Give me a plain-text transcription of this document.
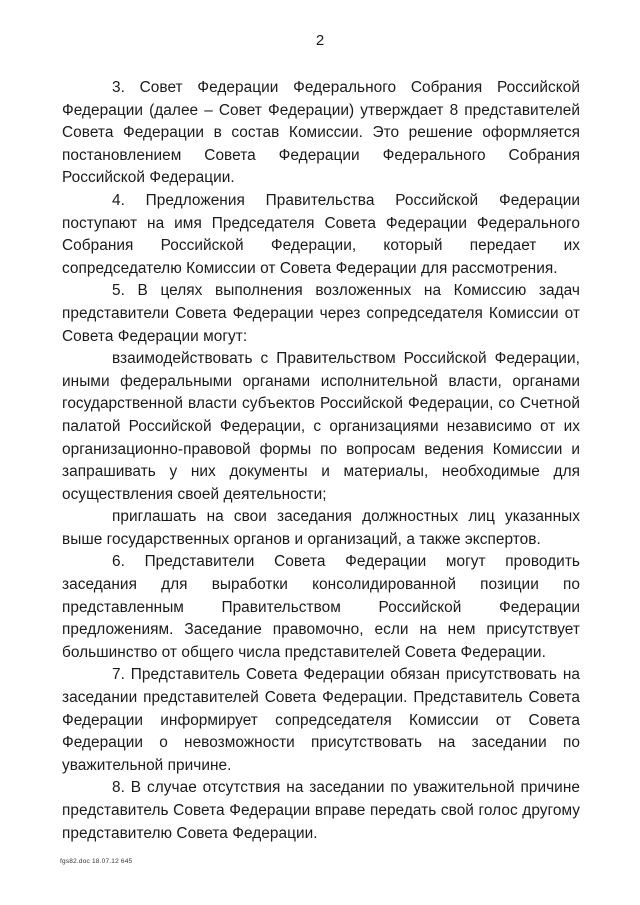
2

3. Совет Федерации Федерального Собрания Российской Федерации (далее – Совет Федерации) утверждает 8 представителей Совета Федерации в состав Комиссии. Это решение оформляется постановлением Совета Федерации Федерального Собрания Российской Федерации.

4. Предложения Правительства Российской Федерации поступают на имя Председателя Совета Федерации Федерального Собрания Российской Федерации, который передает их сопредседателю Комиссии от Совета Федерации для рассмотрения.

5. В целях выполнения возложенных на Комиссию задач представители Совета Федерации через сопредседателя Комиссии от Совета Федерации могут:

взаимодействовать с Правительством Российской Федерации, иными федеральными органами исполнительной власти, органами государственной власти субъектов Российской Федерации, со Счетной палатой Российской Федерации, с организациями независимо от их организационно-правовой формы по вопросам ведения Комиссии и запрашивать у них документы и материалы, необходимые для осуществления своей деятельности;

приглашать на свои заседания должностных лиц указанных выше государственных органов и организаций, а также экспертов.

6. Представители Совета Федерации могут проводить заседания для выработки консолидированной позиции по представленным Правительством Российской Федерации предложениям. Заседание правомочно, если на нем присутствует большинство от общего числа представителей Совета Федерации.

7. Представитель Совета Федерации обязан присутствовать на заседании представителей Совета Федерации. Представитель Совета Федерации информирует сопредседателя Комиссии от Совета Федерации о невозможности присутствовать на заседании по уважительной причине.

8. В случае отсутствия на заседании по уважительной причине представитель Совета Федерации вправе передать свой голос другому представителю Совета Федерации.

fgs82.doc 18.07.12 645
